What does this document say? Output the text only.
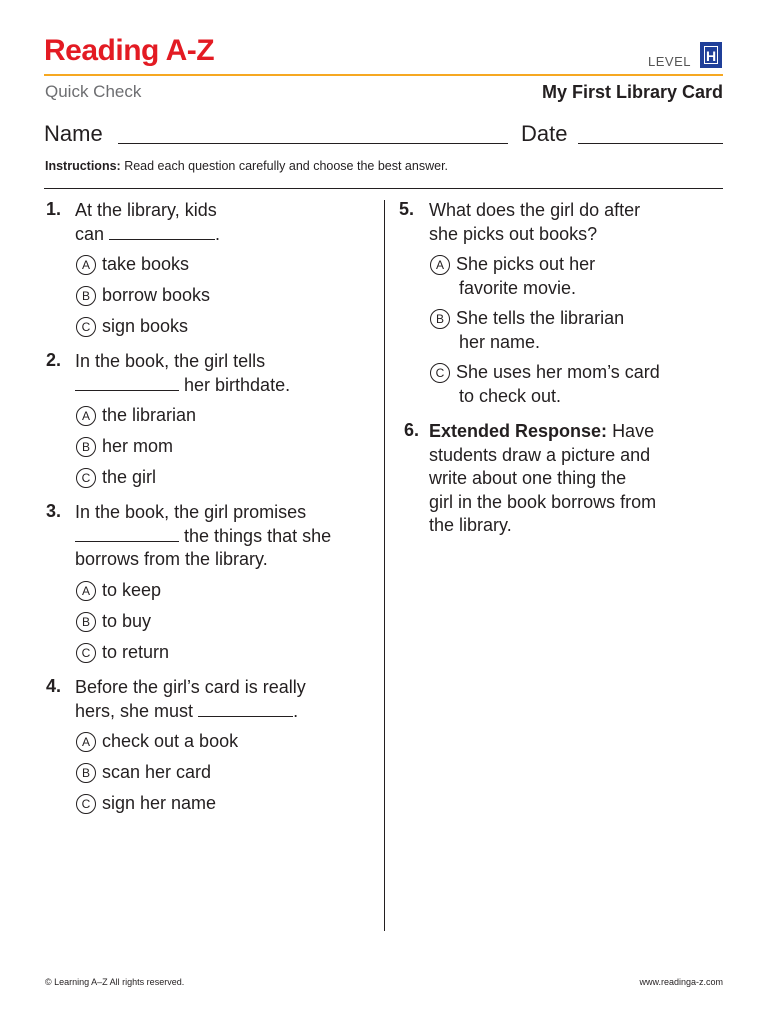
Reading A-Z	LEVEL H
Quick Check	My First Library Card
Name	Date
Instructions: Read each question carefully and choose the best answer.
1. At the library, kids
can	.
A take books
B borrow books
C sign books
2. In the book, the girl tells
her birthdate.
A the librarian
B her mom
C the girl
3. In the book, the girl promises
the things that she
borrows from the library.
A to keep
B to buy
C to return
4. Before the girl’s card is really
hers, she must	.
A check out a book
B scan her card
C sign her name
5. What does the girl do after
she picks out books?
A She picks out her
favorite movie.
B She tells the librarian
her name.
C She uses her mom’s card
to check out.
6. Extended Response: Have
students draw a picture and
write about one thing the
girl in the book borrows from
the library.
© Learning A–Z All rights reserved.	www.readinga-z.com
